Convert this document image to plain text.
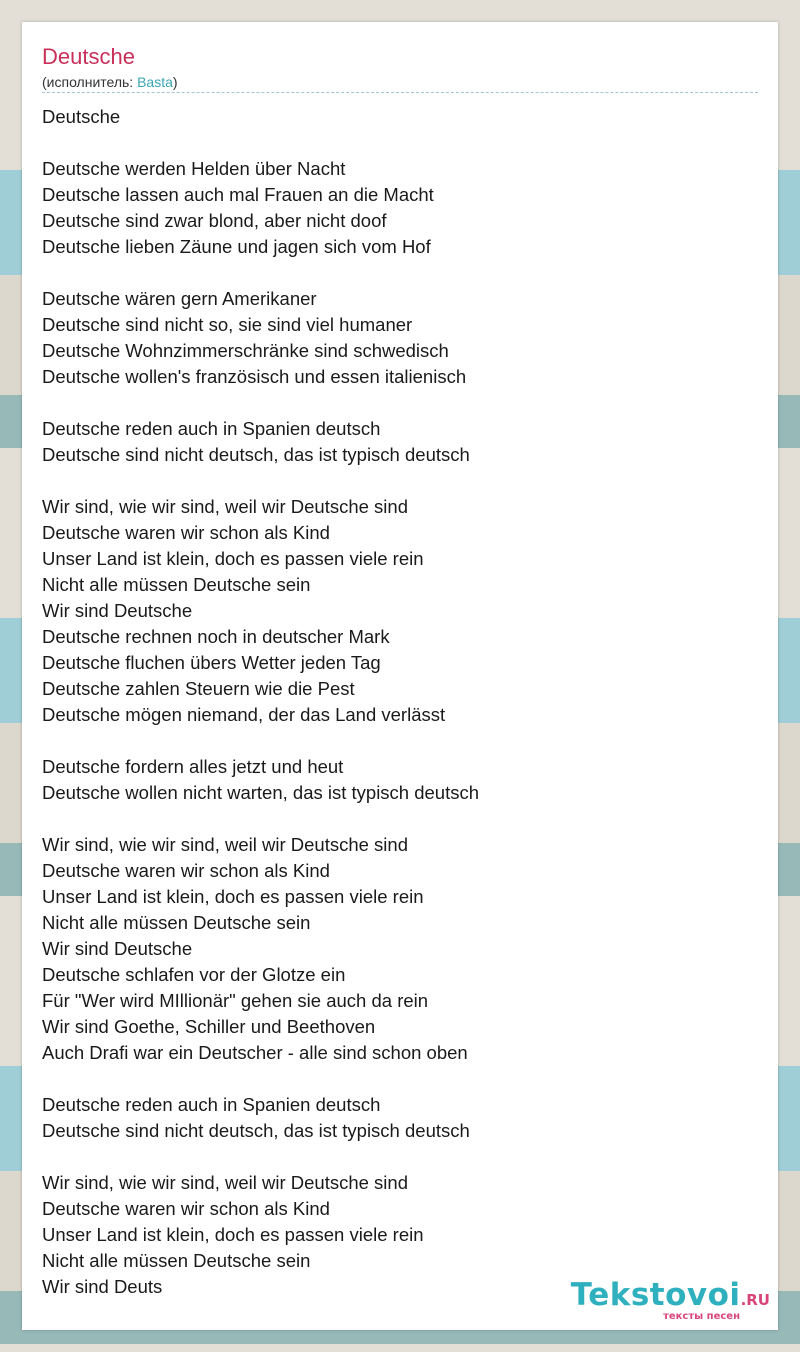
Deutsche
(исполнитель: Basta)
Deutsche
Deutsche werden Helden über Nacht
Deutsche lassen auch mal Frauen an die Macht
Deutsche sind zwar blond, aber nicht doof
Deutsche lieben Zäune und jagen sich vom Hof
Deutsche wären gern Amerikaner
Deutsche sind nicht so, sie sind viel humaner
Deutsche Wohnzimmerschränke sind schwedisch
Deutsche wollen's französisch und essen italienisch
Deutsche reden auch in Spanien deutsch
Deutsche sind nicht deutsch, das ist typisch deutsch
Wir sind, wie wir sind, weil wir Deutsche sind
Deutsche waren wir schon als Kind
Unser Land ist klein, doch es passen viele rein
Nicht alle müssen Deutsche sein
Wir sind Deutsche
Deutsche rechnen noch in deutscher Mark
Deutsche fluchen übers Wetter jeden Tag
Deutsche zahlen Steuern wie die Pest
Deutsche mögen niemand, der das Land verlässt
Deutsche fordern alles jetzt und heut
Deutsche wollen nicht warten, das ist typisch deutsch
Wir sind, wie wir sind, weil wir Deutsche sind
Deutsche waren wir schon als Kind
Unser Land ist klein, doch es passen viele rein
Nicht alle müssen Deutsche sein
Wir sind Deutsche
Deutsche schlafen vor der Glotze ein
Für "Wer wird MIllionär" gehen sie auch da rein
Wir sind Goethe, Schiller und Beethoven
Auch Drafi war ein Deutscher - alle sind schon oben
Deutsche reden auch in Spanien deutsch
Deutsche sind nicht deutsch, das ist typisch deutsch
Wir sind, wie wir sind, weil wir Deutsche sind
Deutsche waren wir schon als Kind
Unser Land ist klein, doch es passen viele rein
Nicht alle müssen Deutsche sein
Wir sind Deuts	Tekstovoi.RU
тексты песен
